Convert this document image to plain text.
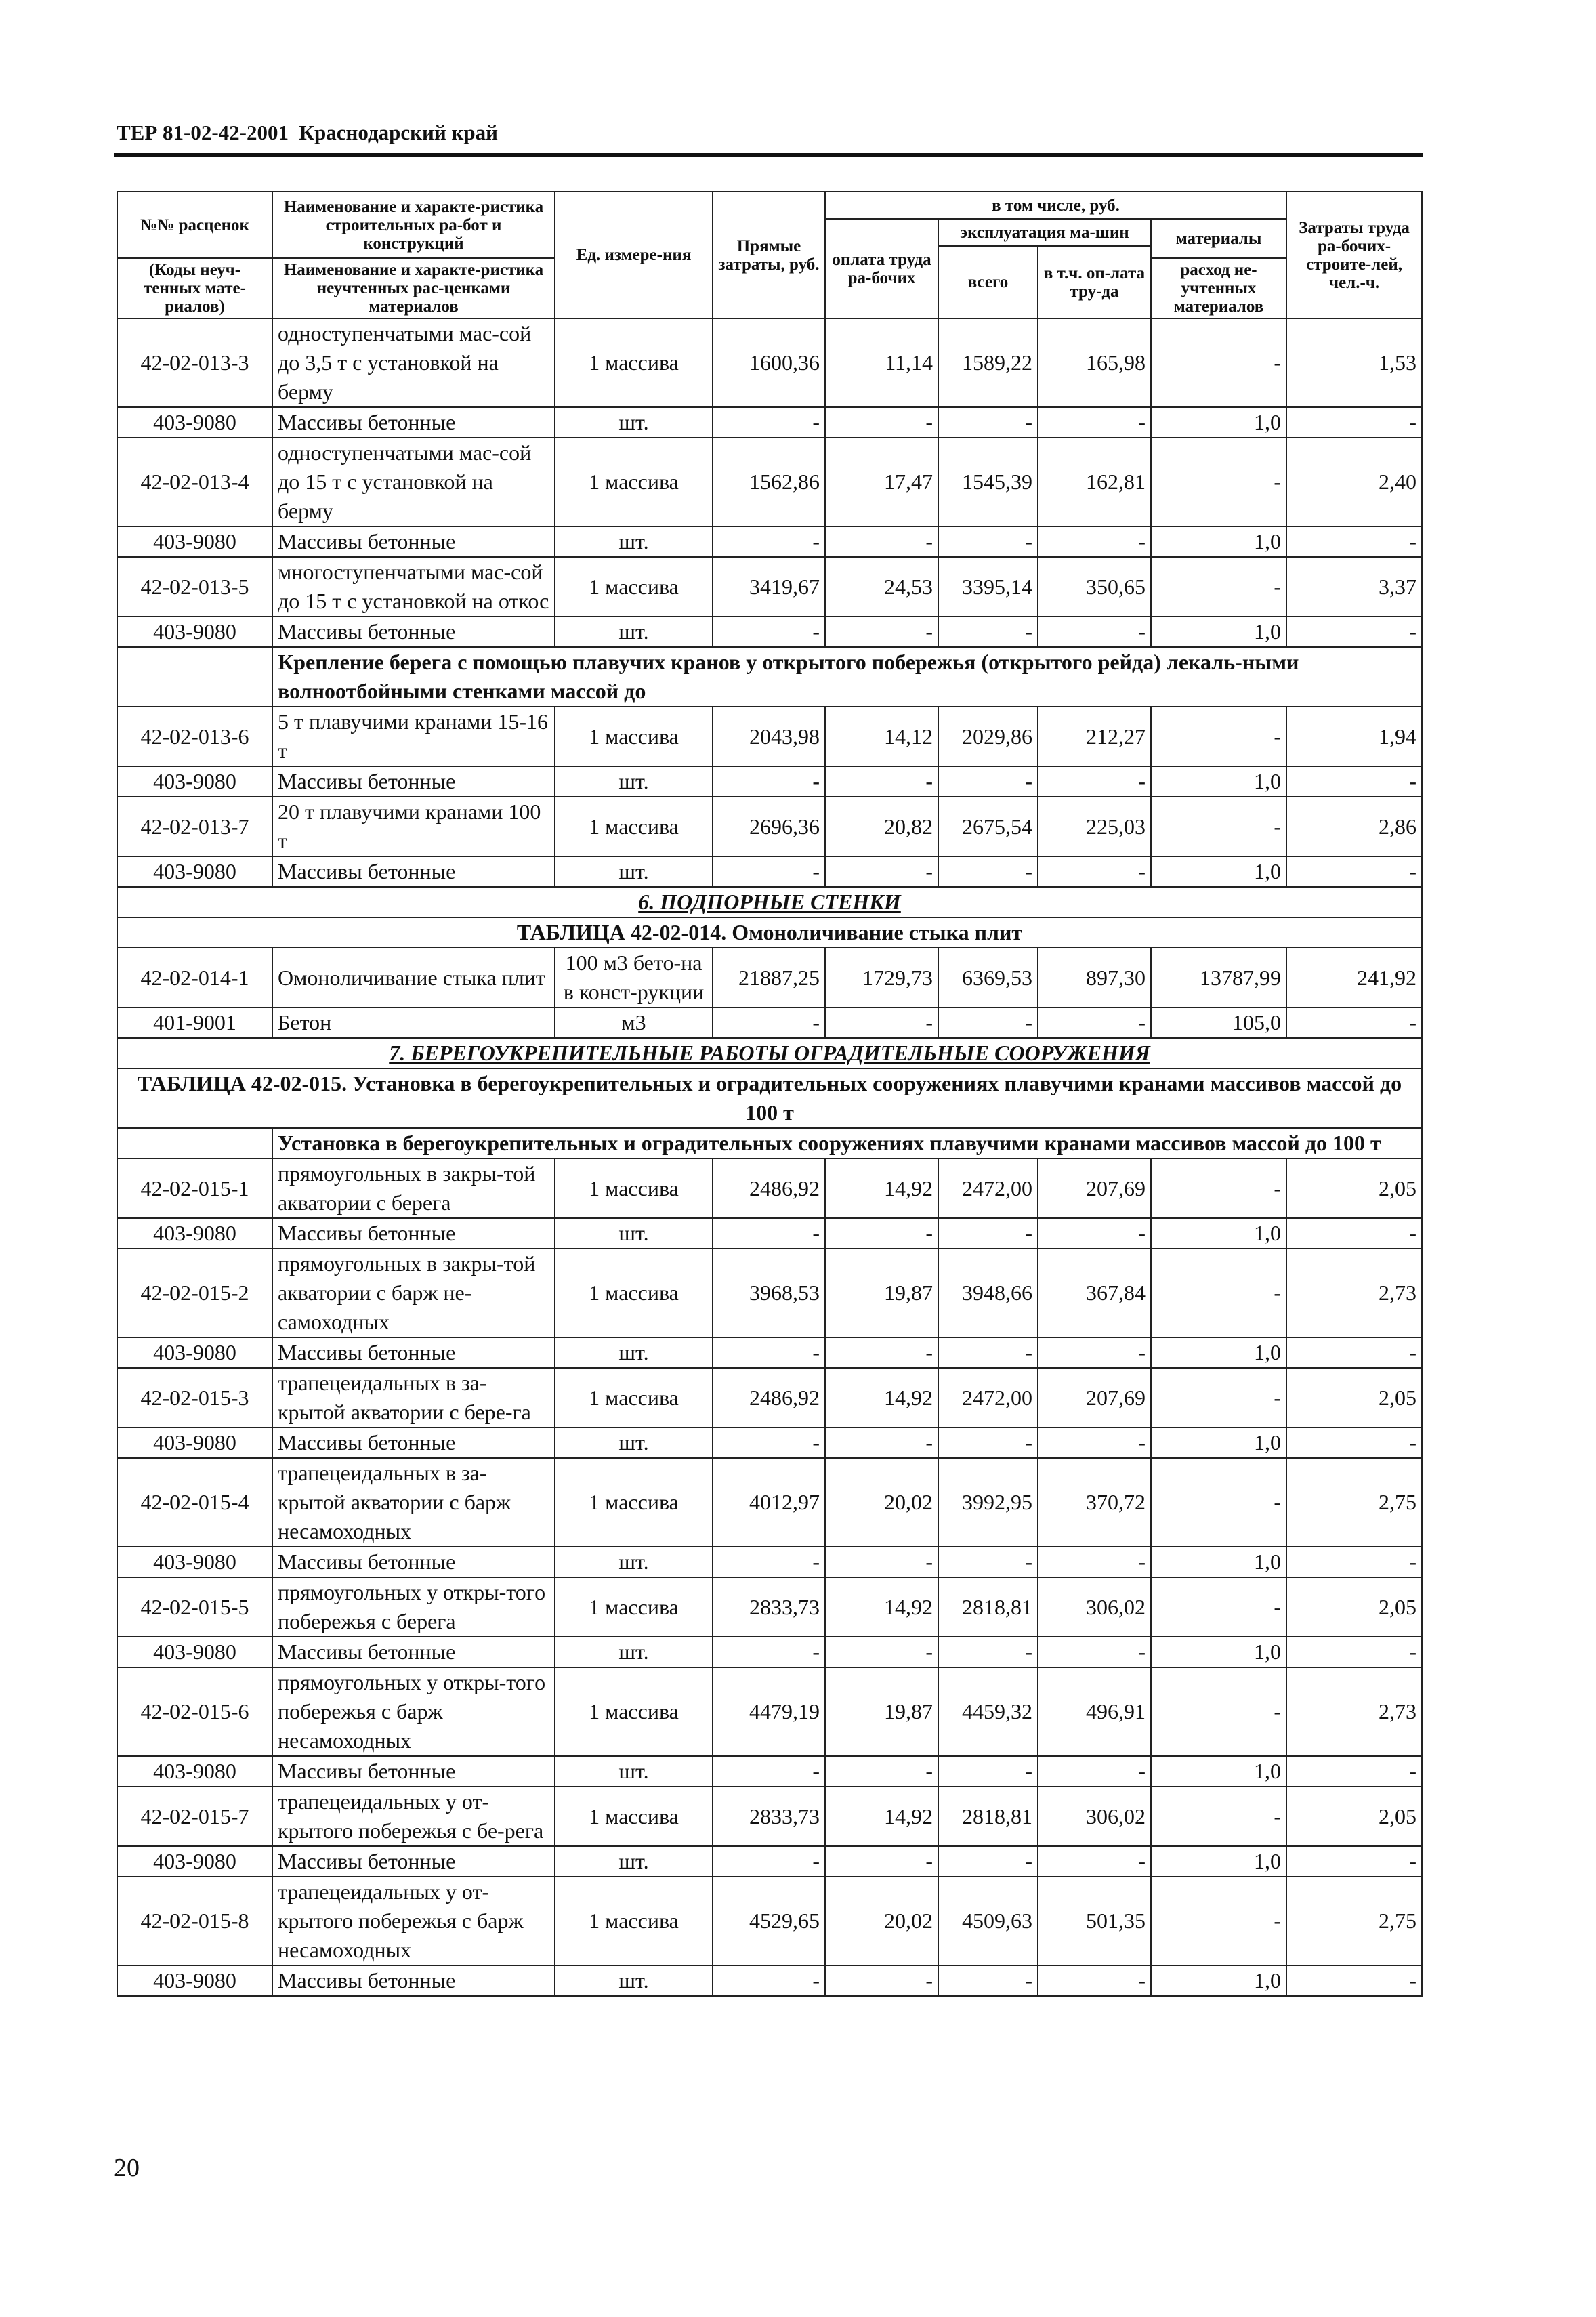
ТЕР 81-02-42-2001  Краснодарский край
№№ расценок	Наименование и характе-ристика строительных ра-бот и конструкций	Ед. измере-ния	Прямые затраты, руб.	в том числе, руб.				Затраты труда ра-бочих-строите-лей, чел.-ч.
				оплата труда ра-бочих	эксплуатация ма-шин		материалы	
					всего	в т.ч. оп-лата тру-да		
(Коды неуч-тенных мате-риалов)	Наименование и характе-ристика неучтенных рас-ценками материалов						расход не-учтенных материалов	
42-02-013-3	одноступенчатыми мас-сой до 3,5 т с установкой на берму	1 массива	1600,36	11,14	1589,22	165,98	-	1,53
403-9080	Массивы бетонные	шт.	-	-	-	-	1,0	-
42-02-013-4	одноступенчатыми мас-сой до 15 т с установкой на берму	1 массива	1562,86	17,47	1545,39	162,81	-	2,40
403-9080	Массивы бетонные	шт.	-	-	-	-	1,0	-
42-02-013-5	многоступенчатыми мас-сой до 15 т с установкой на откос	1 массива	3419,67	24,53	3395,14	350,65	-	3,37
403-9080	Массивы бетонные	шт.	-	-	-	-	1,0	-
	Крепление берега с помощью плавучих кранов у открытого побережья (открытого рейда) лекаль-ными волноотбойными стенками массой до							
42-02-013-6	5 т плавучими кранами 15-16 т	1 массива	2043,98	14,12	2029,86	212,27	-	1,94
403-9080	Массивы бетонные	шт.	-	-	-	-	1,0	-
42-02-013-7	20 т плавучими кранами 100 т	1 массива	2696,36	20,82	2675,54	225,03	-	2,86
403-9080	Массивы бетонные	шт.	-	-	-	-	1,0	-
6. ПОДПОРНЫЕ СТЕНКИ								
ТАБЛИЦА 42-02-014. Омоноличивание стыка плит								
42-02-014-1	Омоноличивание стыка плит	100 м3 бето-на в конст-рукции	21887,25	1729,73	6369,53	897,30	13787,99	241,92
401-9001	Бетон	м3	-	-	-	-	105,0	-
7. БЕРЕГОУКРЕПИТЕЛЬНЫЕ РАБОТЫ ОГРАДИТЕЛЬНЫЕ СООРУЖЕНИЯ								
ТАБЛИЦА 42-02-015. Установка в берегоукрепительных и оградительных сооружениях плавучими кранами массивов массой до 100 т								
	Установка в берегоукрепительных и оградительных сооружениях плавучими кранами массивов массой до 100 т							
42-02-015-1	прямоугольных в закры-той акватории с берега	1 массива	2486,92	14,92	2472,00	207,69	-	2,05
403-9080	Массивы бетонные	шт.	-	-	-	-	1,0	-
42-02-015-2	прямоугольных в закры-той акватории с барж не-самоходных	1 массива	3968,53	19,87	3948,66	367,84	-	2,73
403-9080	Массивы бетонные	шт.	-	-	-	-	1,0	-
42-02-015-3	трапецеидальных в за-крытой акватории с бере-га	1 массива	2486,92	14,92	2472,00	207,69	-	2,05
403-9080	Массивы бетонные	шт.	-	-	-	-	1,0	-
42-02-015-4	трапецеидальных в за-крытой акватории с барж несамоходных	1 массива	4012,97	20,02	3992,95	370,72	-	2,75
403-9080	Массивы бетонные	шт.	-	-	-	-	1,0	-
42-02-015-5	прямоугольных у откры-того побережья с берега	1 массива	2833,73	14,92	2818,81	306,02	-	2,05
403-9080	Массивы бетонные	шт.	-	-	-	-	1,0	-
42-02-015-6	прямоугольных у откры-того побережья с барж несамоходных	1 массива	4479,19	19,87	4459,32	496,91	-	2,73
403-9080	Массивы бетонные	шт.	-	-	-	-	1,0	-
42-02-015-7	трапецеидальных у от-крытого побережья с бе-рега	1 массива	2833,73	14,92	2818,81	306,02	-	2,05
403-9080	Массивы бетонные	шт.	-	-	-	-	1,0	-
42-02-015-8	трапецеидальных у от-крытого побережья с барж несамоходных	1 массива	4529,65	20,02	4509,63	501,35	-	2,75
403-9080	Массивы бетонные	шт.	-	-	-	-	1,0	-
20
